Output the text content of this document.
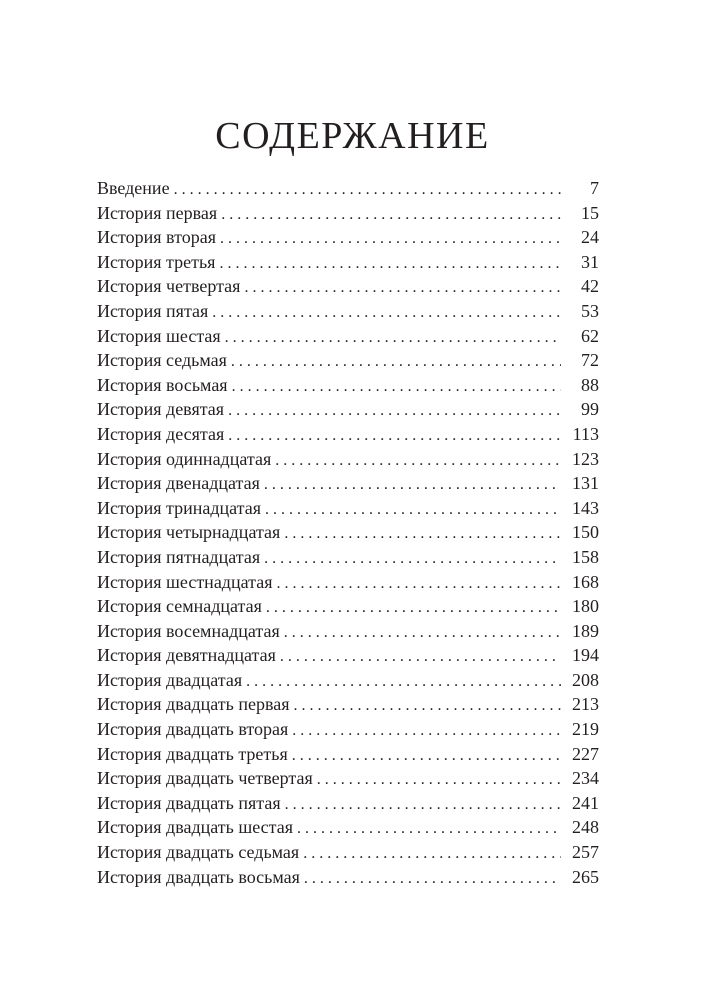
СОДЕРЖАНИЕ
Введение . . .	7
История первая . . .	15
История вторая . . .	24
История третья . . .	31
История четвертая . . .	42
История пятая . . .	53
История шестая . . .	62
История седьмая . . .	72
История восьмая . . .	88
История девятая . . .	99
История десятая . . .	113
История одиннадцатая . . .	123
История двенадцатая . . .	131
История тринадцатая . . .	143
История четырнадцатая . . .	150
История пятнадцатая . . .	158
История шестнадцатая . . .	168
История семнадцатая . . .	180
История восемнадцатая . . .	189
История девятнадцатая . . .	194
История двадцатая . . .	208
История двадцать первая . . .	213
История двадцать вторая . . .	219
История двадцать третья . . .	227
История двадцать четвертая . . .	234
История двадцать пятая . . .	241
История двадцать шестая . . .	248
История двадцать седьмая . . .	257
История двадцать восьмая . . .	265
